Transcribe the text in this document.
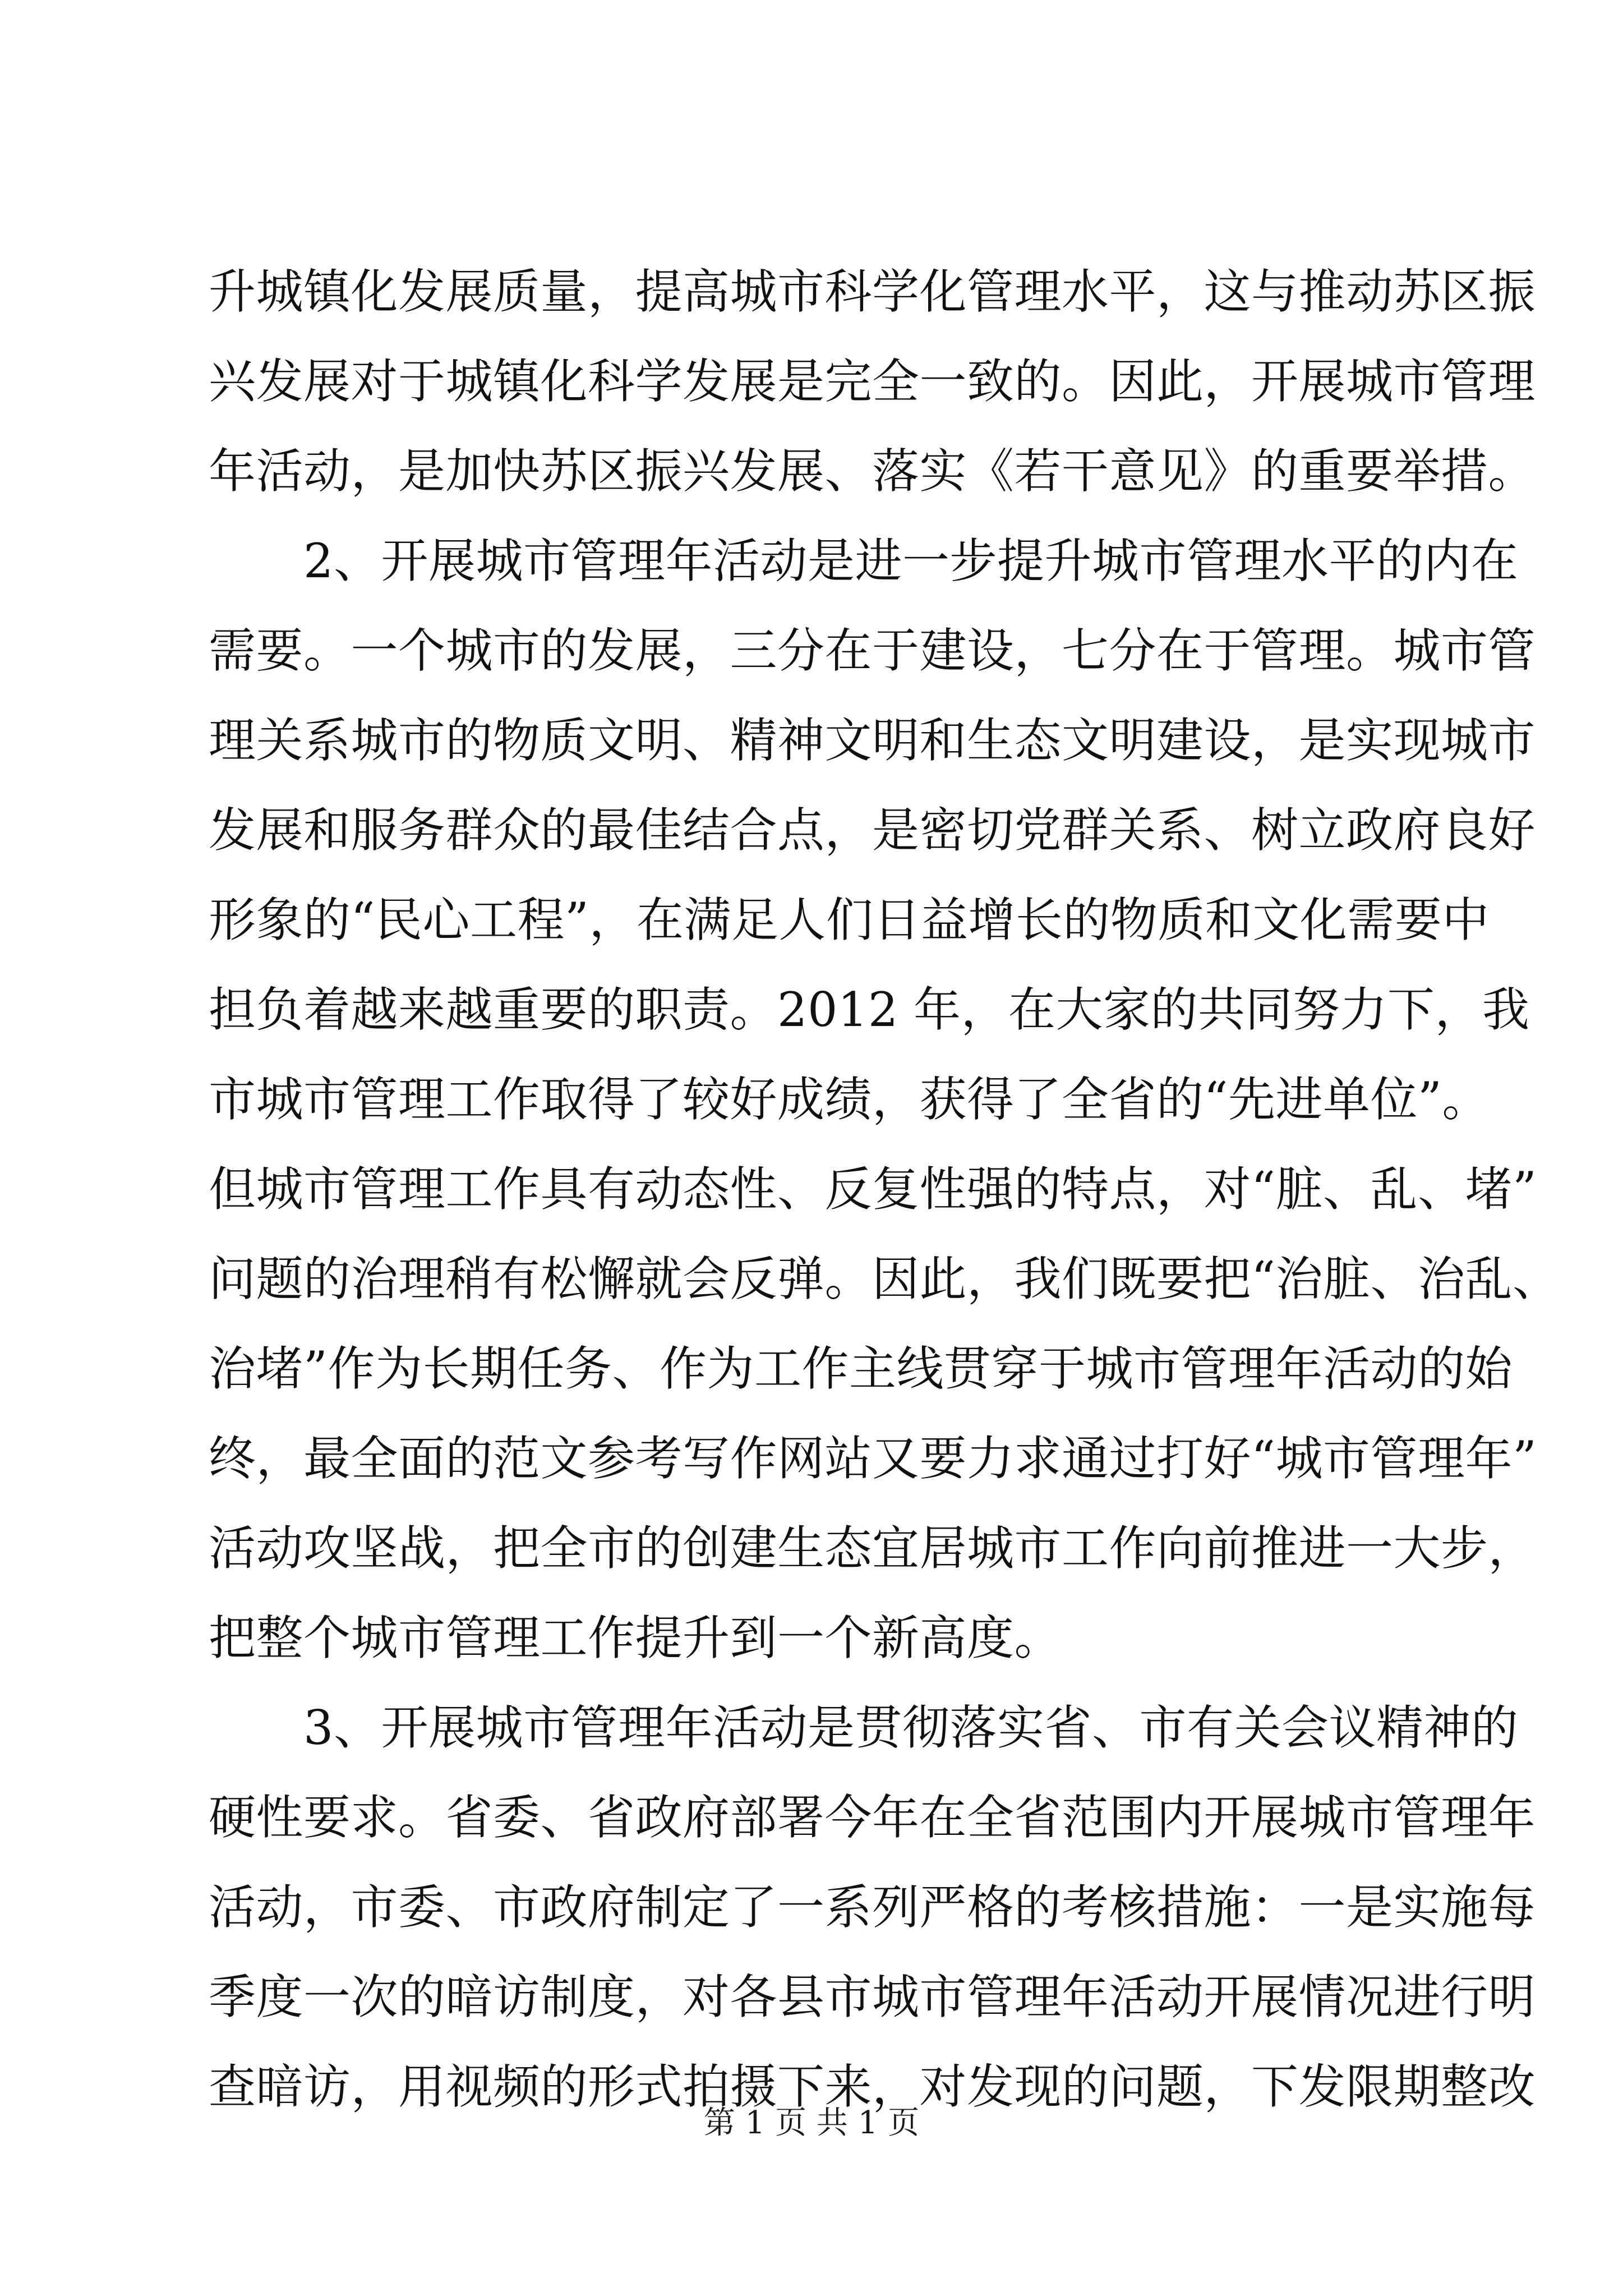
升城镇化发展质量，提高城市科学化管理水平，这与推动苏区振
兴发展对于城镇化科学发展是完全一致的。因此，开展城市管理
年活动，是加快苏区振兴发展、落实《若干意见》的重要举措。
　　2、开展城市管理年活动是进一步提升城市管理水平的内在
需要。一个城市的发展，三分在于建设，七分在于管理。城市管
理关系城市的物质文明、精神文明和生态文明建设，是实现城市
发展和服务群众的最佳结合点，是密切党群关系、树立政府良好
形象的“民心工程”，在满足人们日益增长的物质和文化需要中
担负着越来越重要的职责。2012 年，在大家的共同努力下，我
市城市管理工作取得了较好成绩，获得了全省的“先进单位”。
但城市管理工作具有动态性、反复性强的特点，对“脏、乱、堵”
问题的治理稍有松懈就会反弹。因此，我们既要把“治脏、治乱、
治堵”作为长期任务、作为工作主线贯穿于城市管理年活动的始
终，最全面的范文参考写作网站又要力求通过打好“城市管理年”
活动攻坚战，把全市的创建生态宜居城市工作向前推进一大步，
把整个城市管理工作提升到一个新高度。
　　3、开展城市管理年活动是贯彻落实省、市有关会议精神的
硬性要求。省委、省政府部署今年在全省范围内开展城市管理年
活动，市委、市政府制定了一系列严格的考核措施：一是实施每
季度一次的暗访制度，对各县市城市管理年活动开展情况进行明
查暗访，用视频的形式拍摄下来，对发现的问题，下发限期整改
第 1 页 共 1 页
